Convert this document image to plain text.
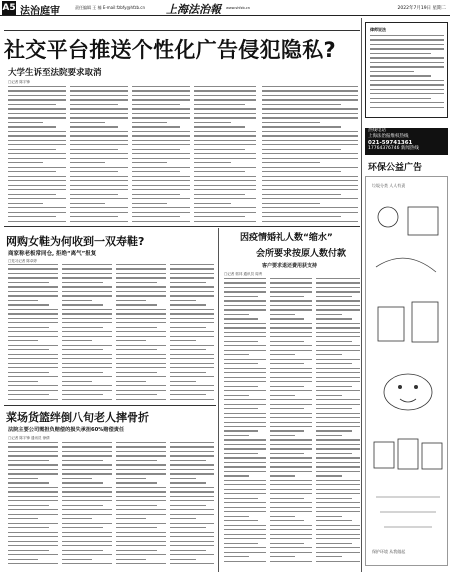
A5 法治庭审	责任编辑 王 楠 E-mail:fzbfy@hfzb.cn 上海法治報 www.shfzb.cn	2022年7月19日 星期二
社交平台推送个性化广告侵犯隐私?
大学生诉至法院要求取消
□记者 陈宇锋
网购女鞋为何收到一双寿鞋?
商家称老板常同仓, 拒绝“离气”报复
□见习记者 陈卓婷
因疫情婚礼人数“缩水”
会所要求按原人数付款
客户要求退还费用获支持
□记者 郭邦 通讯员 周秀
菜场货篮绊倒八旬老人摔骨折
法院主要公司需担负赔偿的损失承担60%赔偿责任
□记者 陈宇锋 通讯员 徐倩
律师说法
热线电话
上海法治报维权热线
021-59741361
17764376746 新闻热线
环保公益广告
垃圾分类 人人有责
保护环境 从我做起
